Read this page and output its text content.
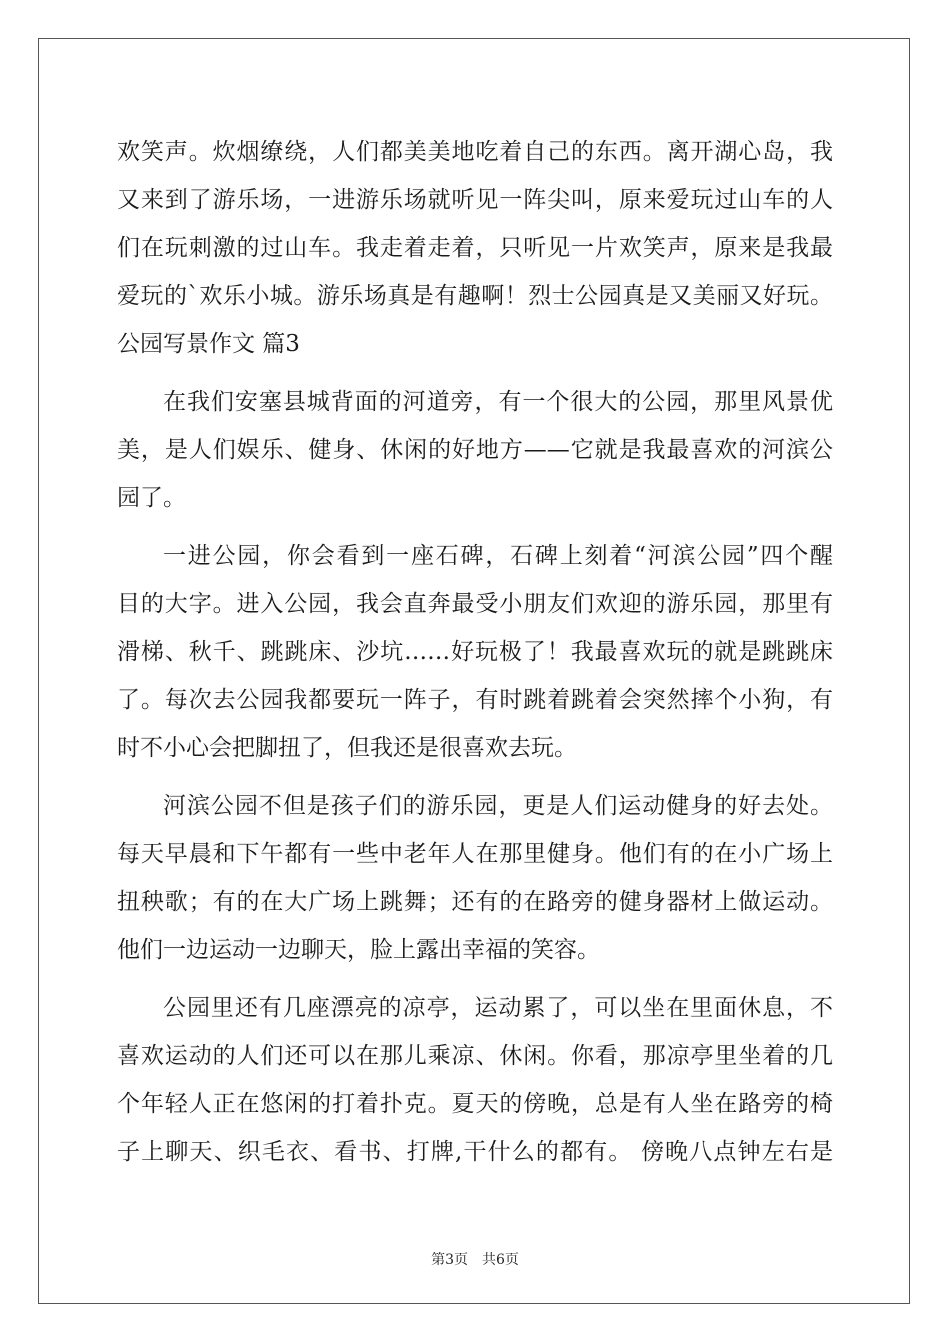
欢笑声。炊烟缭绕，人们都美美地吃着自己的东西。离开湖心岛，我
又来到了游乐场，一进游乐场就听见一阵尖叫，原来爱玩过山车的人
们在玩刺激的过山车。我走着走着，只听见一片欢笑声，原来是我最
爱玩的`欢乐小城。游乐场真是有趣啊！烈士公园真是又美丽又好玩。
公园写景作文 篇3
在我们安塞县城背面的河道旁，有一个很大的公园，那里风景优
美，是人们娱乐、健身、休闲的好地方——它就是我最喜欢的河滨公
园了。
一进公园，你会看到一座石碑，石碑上刻着“河滨公园”四个醒
目的大字。进入公园，我会直奔最受小朋友们欢迎的游乐园，那里有
滑梯、秋千、跳跳床、沙坑……好玩极了！我最喜欢玩的就是跳跳床
了。每次去公园我都要玩一阵子，有时跳着跳着会突然摔个小狗，有
时不小心会把脚扭了，但我还是很喜欢去玩。
河滨公园不但是孩子们的游乐园，更是人们运动健身的好去处。
每天早晨和下午都有一些中老年人在那里健身。他们有的在小广场上
扭秧歌；有的在大广场上跳舞；还有的在路旁的健身器材上做运动。
他们一边运动一边聊天，脸上露出幸福的笑容。
公园里还有几座漂亮的凉亭，运动累了，可以坐在里面休息，不
喜欢运动的人们还可以在那儿乘凉、休闲。你看，那凉亭里坐着的几
个年轻人正在悠闲的打着扑克。夏天的傍晚，总是有人坐在路旁的椅
子上聊天、织毛衣、看书、打牌,干什么的都有。 傍晚八点钟左右是
第3页　共6页
